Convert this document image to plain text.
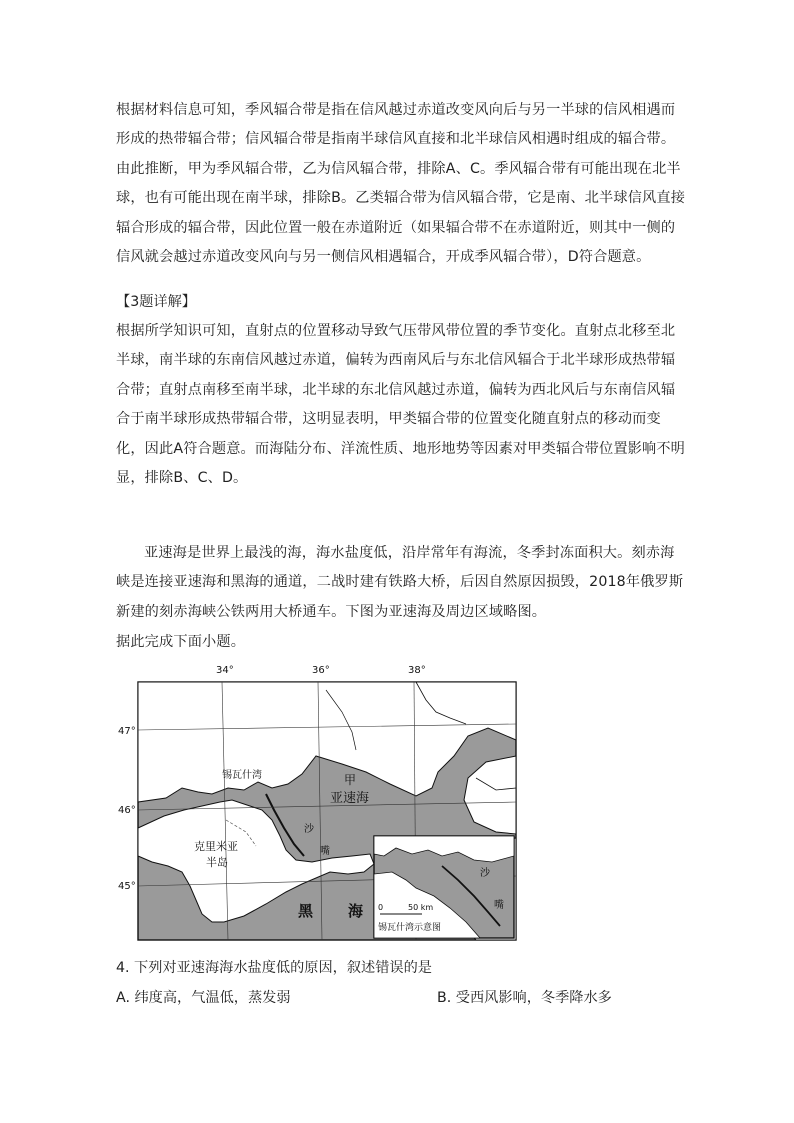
根据材料信息可知，季风辐合带是指在信风越过赤道改变风向后与另一半球的信风相遇而形成的热带辐合带；信风辐合带是指南半球信风直接和北半球信风相遇时组成的辐合带。由此推断，甲为季风辐合带，乙为信风辐合带，排除A、C。季风辐合带有可能出现在北半球，也有可能出现在南半球，排除B。乙类辐合带为信风辐合带，它是南、北半球信风直接辐合形成的辐合带，因此位置一般在赤道附近（如果辐合带不在赤道附近，则其中一侧的信风就会越过赤道改变风向与另一侧信风相遇辐合，开成季风辐合带），D符合题意。
【3题详解】
根据所学知识可知，直射点的位置移动导致气压带风带位置的季节变化。直射点北移至北半球，南半球的东南信风越过赤道，偏转为西南风后与东北信风辐合于北半球形成热带辐合带；直射点南移至南半球，北半球的东北信风越过赤道，偏转为西北风后与东南信风辐合于南半球形成热带辐合带，这明显表明，甲类辐合带的位置变化随直射点的移动而变化，因此A符合题意。而海陆分布、洋流性质、地形地势等因素对甲类辐合带位置影响不明显，排除B、C、D。
亚速海是世界上最浅的海，海水盐度低，沿岸常年有海流，冬季封冻面积大。刻赤海峡是连接亚速海和黑海的通道，二战时建有铁路大桥，后因自然原因损毁，2018年俄罗斯新建的刻赤海峡公铁两用大桥通车。下图为亚速海及周边区域略图。
据此完成下面小题。
34°	36°	38°
47°
46°
45°
甲
亚速海
锡瓦什湾
沙
嘴
克里米亚
半岛
黑 海
沙
嘴
0	50 km
锡瓦什湾示意图
4. 下列对亚速海海水盐度低的原因，叙述错误的是
A. 纬度高，气温低，蒸发弱	B. 受西风影响，冬季降水多
